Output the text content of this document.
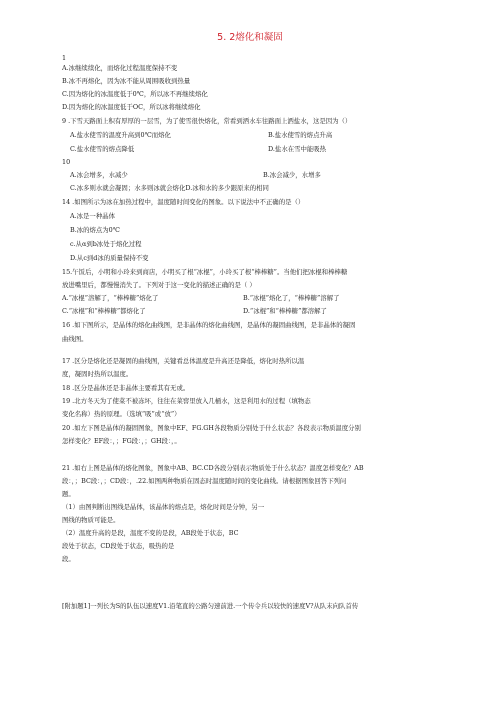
5. 2熔化和凝固
1
A.冰继续续化，而熔化过程温度保持不变
B.冰不再熔化，因为冰不能从周围吸收到热量
C.因为熔化的冰温度低于0℃，所以冰不再继续熔化
D.因为熔化的冰温度低于OC，所以冰将继续熔化
9 .下雪天路面上积有厚厚的一层雪，为了使雪很快熔化，常看到洒水车往路面上洒盐水，这是因为（）
A.盐水使雪的温度升高到0℃而熔化	B.盐水使雪的熔点升高
C.盐水使雪的熔点降低	D.盐水在雪中能吸热
10
A.冰会增多，水减少	B.冰会减少，水增多
C.冰多则水就会凝固；水多则冰就会熔化D.冰和水的多少跟原来的相同
14 .如图所示为冰在加热过程中，温度随时间变化的图象。以下说法中不正确的是（）
A.冰是一种晶体
B.冰的熔点为0℃
c.从α到b冰处于熔化过程
D.从c到d冰的质量保持不变
15.午饭后，小明和小玲来到商店，小明买了根“冰棍”，小玲买了根“棒棒糖”。当他们把冰棍和棒棒糖
放进嘴里后，都慢慢消失了。下列对于这一变化的描述正确的是（ ）
A.“冰棍”溶解了，“棒棒糖”熔化了	B.“冰棍”熔化了，“棒棒糖”溶解了
C.“冰棍”和“棒棒糖”都熔化了	D.“冰棍”和“棒棒糖”都溶解了
16 .如下图所示，是晶体的熔化曲线图，是非晶体的熔化曲线图，是晶体的凝固曲线图，是非晶体的凝固
曲线图。
17 .区分是熔化还是凝固的曲线图，关键看总体温度是升高还是降低，熔化时热所以温
度，凝固时热所以温度。
18 .区分是晶体还是非晶体主要看其有无或。
19 .北方冬天为了使菜不被冻坏，往往在菜窖里放入几桶水，这是利用水的过程（填物态
变化名称）热的原理。（选填“吸”或“放”）
20 .如左下图是晶体的凝固图象，图象中EF、FG.GH各段物质分别处于什么状态？各段表示物质温度分别
怎样变化？EF段：，；FG段：，；GH段：，。
21 .如右上图是晶体的熔化图象，图象中AB、BC.CD各段分别表示物质处于什么状态？温度怎样变化？AB
段：，；BC段：，；CD段：，.22.如图两种物质在固态时温度随时间的变化曲线。请根据图象回答下列问
题。
（1）由图判断出图线是晶体，该晶体的熔点是，熔化时间是分钟，另一
图线的物质可能是。
（2）温度升高的是段，温度不变的是段，AB段处于状态，BC
段处于状态，CD段处于状态，吸热的是
段。
[附加题1]一列长为S的队伍以速度V1.沿笔直的公路匀速前进.一个传令兵以较快的速度V?从队末向队首传
